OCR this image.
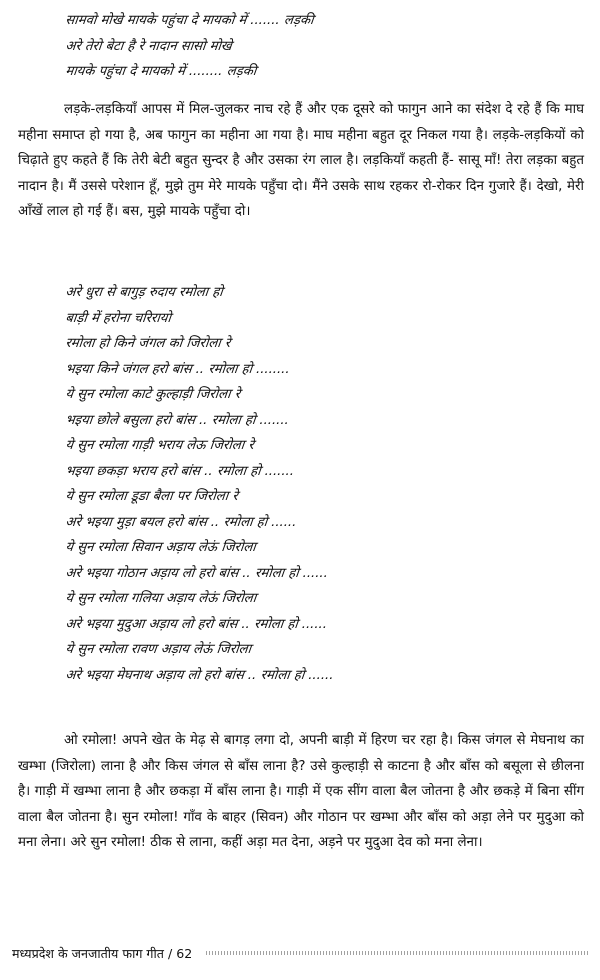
सामवो मोखे मायके पहुंचा दे मायको में ....... लड़की
अरे तेरो बेटा है रे नादान सासो मोखे
मायके पहुंचा दे मायको में ........ लड़की

लड़के-लड़कियाँ आपस में मिल-जुलकर नाच रहे हैं और एक दूसरे को फागुन आने का संदेश दे रहे हैं कि माघ महीना समाप्त हो गया है, अब फागुन का महीना आ गया है। माघ महीना बहुत दूर निकल गया है। लड़के-लड़कियों को चिढ़ाते हुए कहते हैं कि तेरी बेटी बहुत सुन्दर है और उसका रंग लाल है। लड़कियाँ कहती हैं- सासू माँ! तेरा लड़का बहुत नादान है। मैं उससे परेशान हूँ, मुझे तुम मेरे मायके पहुँचा दो। मैंने उसके साथ रहकर रो-रोकर दिन गुजारे हैं। देखो, मेरी आँखें लाल हो गई हैं। बस, मुझे मायके पहुँचा दो।

अरे धुरा से बागुड़ रुदाय रमोला हो
बाड़ी में हरोना चरिरायो
रमोला हो किने जंगल को जिरोला रे
भइया किने जंगल हरो बांस .. रमोला हो ........
ये सुन रमोला काटे कुल्हाड़ी जिरोला रे
भइया छोले बसुला हरो बांस .. रमोला हो .......
ये सुन रमोला गाड़ी भराय लेऊ जिरोला रे
भइया छकड़ा भराय हरो बांस .. रमोला हो .......
ये सुन रमोला डूडा बैला पर जिरोला रे
अरे भइया मुड़ा बयल हरो बांस .. रमोला हो ......
ये सुन रमोला सिवान अड़ाय लेऊं जिरोला
अरे भइया गोठान अड़ाय लो हरो बांस .. रमोला हो ......
ये सुन रमोला गलिया अड़ाय लेऊं जिरोला
अरे भइया मुदुआ अड़ाय लो हरो बांस .. रमोला हो ......
ये सुन रमोला रावण अड़ाय लेऊं जिरोला
अरे भइया मेघनाथ अड़ाय लो हरो बांस .. रमोला हो ......

ओ रमोला! अपने खेत के मेढ़ से बागड़ लगा दो, अपनी बाड़ी में हिरण चर रहा है। किस जंगल से मेघनाथ का खम्भा (जिरोला) लाना है और किस जंगल से बाँस लाना है? उसे कुल्हाड़ी से काटना है और बाँस को बसूला से छीलना है। गाड़ी में खम्भा लाना है और छकड़ा में बाँस लाना है। गाड़ी में एक सींग वाला बैल जोतना है और छकड़े में बिना सींग वाला बैल जोतना है। सुन रमोला! गाँव के बाहर (सिवन) और गोठान पर खम्भा और बाँस को अड़ा लेने पर मुदुआ को मना लेना। अरे सुन रमोला! ठीक से लाना, कहीं अड़ा मत देना, अड़ने पर मुदुआ देव को मना लेना।

मध्यप्रदेश के जनजातीय फाग गीत / 62
